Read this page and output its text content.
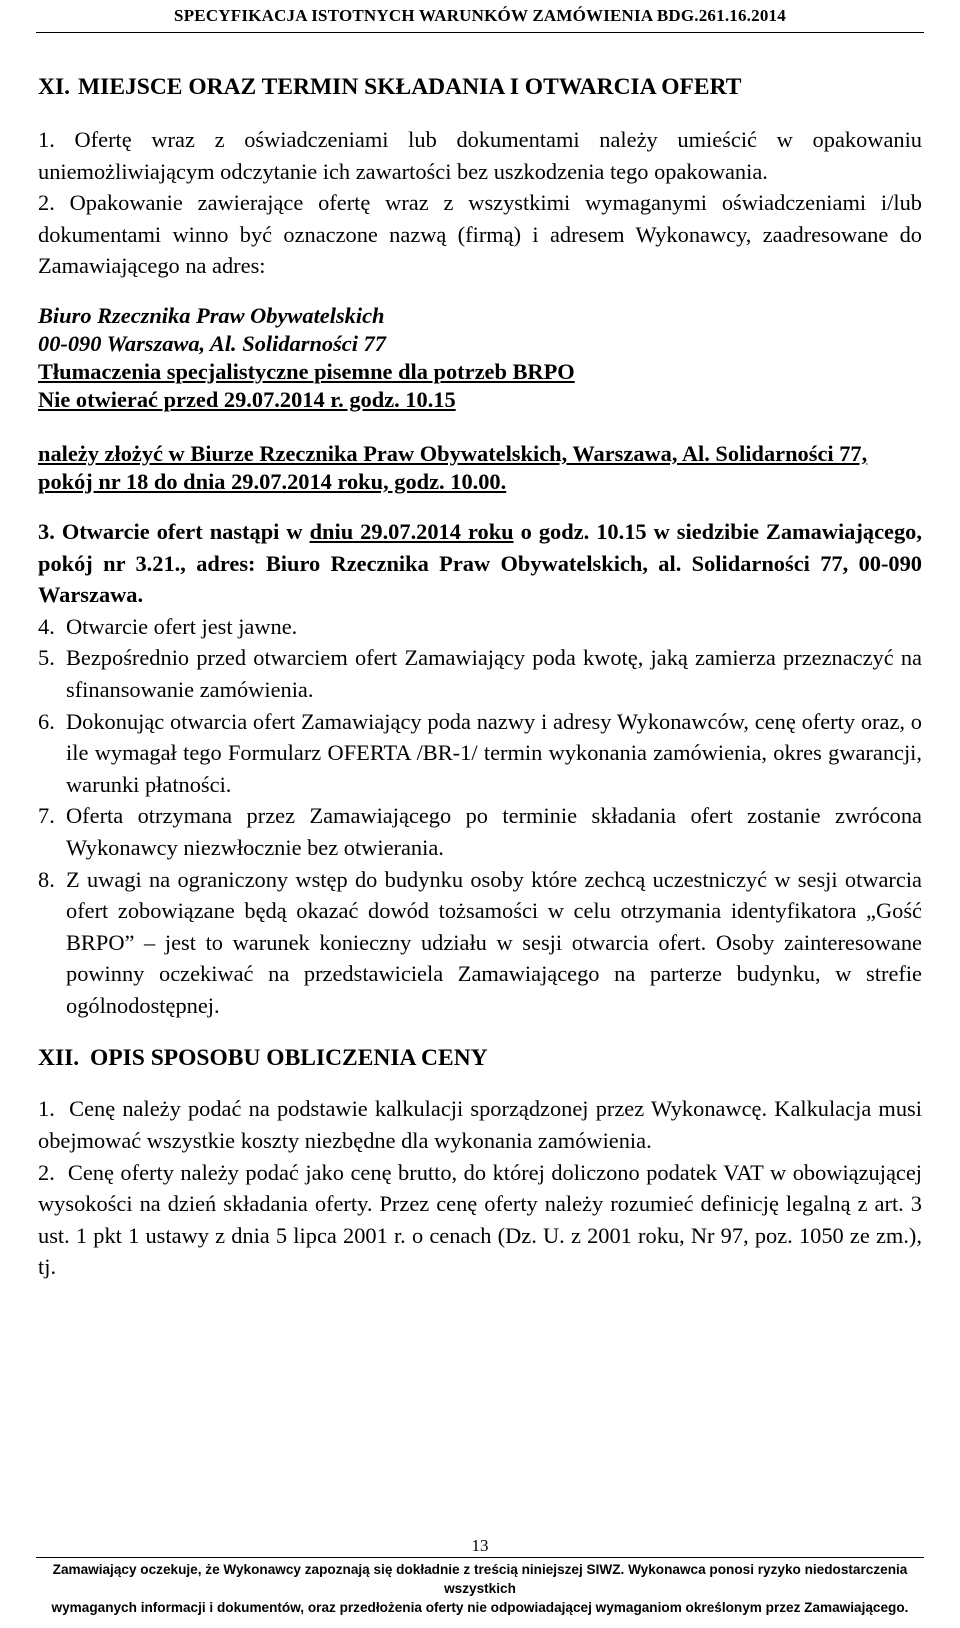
SPECYFIKACJA ISTOTNYCH WARUNKÓW ZAMÓWIENIA BDG.261.16.2014
XI. MIEJSCE ORAZ TERMIN SKŁADANIA I OTWARCIA OFERT
1. Ofertę wraz z oświadczeniami lub dokumentami należy umieścić w opakowaniu uniemożliwiającym odczytanie ich zawartości bez uszkodzenia tego opakowania.
2. Opakowanie zawierające ofertę wraz z wszystkimi wymaganymi oświadczeniami i/lub dokumentami winno być oznaczone nazwą (firmą) i adresem Wykonawcy, zaadresowane do Zamawiającego na adres:
Biuro Rzecznika Praw Obywatelskich
00-090 Warszawa, Al. Solidarności 77
Tłumaczenia specjalistyczne pisemne dla potrzeb BRPO
Nie otwierać przed 29.07.2014 r. godz. 10.15
należy złożyć w Biurze Rzecznika Praw Obywatelskich, Warszawa, Al. Solidarności 77, pokój nr 18 do dnia 29.07.2014 roku, godz. 10.00.
3. Otwarcie ofert nastąpi w dniu 29.07.2014 roku o godz. 10.15 w siedzibie Zamawiającego, pokój nr 3.21., adres: Biuro Rzecznika Praw Obywatelskich, al. Solidarności 77, 00-090 Warszawa.
4. Otwarcie ofert jest jawne.
5. Bezpośrednio przed otwarciem ofert Zamawiający poda kwotę, jaką zamierza przeznaczyć na sfinansowanie zamówienia.
6. Dokonując otwarcia ofert Zamawiający poda nazwy i adresy Wykonawców, cenę oferty oraz, o ile wymagał tego Formularz OFERTA /BR-1/ termin wykonania zamówienia, okres gwarancji, warunki płatności.
7. Oferta otrzymana przez Zamawiającego po terminie składania ofert zostanie zwrócona Wykonawcy niezwłocznie bez otwierania.
8. Z uwagi na ograniczony wstęp do budynku osoby które zechcą uczestniczyć w sesji otwarcia ofert zobowiązane będą okazać dowód tożsamości w celu otrzymania identyfikatora „Gość BRPO” – jest to warunek konieczny udziału w sesji otwarcia ofert. Osoby zainteresowane powinny oczekiwać na przedstawiciela Zamawiającego na parterze budynku, w strefie ogólnodostępnej.
XII. OPIS SPOSOBU OBLICZENIA CENY
1. Cenę należy podać na podstawie kalkulacji sporządzonej przez Wykonawcę. Kalkulacja musi obejmować wszystkie koszty niezbędne dla wykonania zamówienia.
2. Cenę oferty należy podać jako cenę brutto, do której doliczono podatek VAT w obowiązującej wysokości na dzień składania oferty. Przez cenę oferty należy rozumieć definicję legalną z art. 3 ust. 1 pkt 1 ustawy z dnia 5 lipca 2001 r. o cenach (Dz. U. z 2001 roku, Nr 97, poz. 1050 ze zm.), tj.
13
Zamawiający oczekuje, że Wykonawcy zapoznają się dokładnie z treścią niniejszej SIWZ. Wykonawca ponosi ryzyko niedostarczenia wszystkich
wymaganych informacji i dokumentów, oraz przedłożenia oferty nie odpowiadającej wymaganiom określonym przez Zamawiającego.
